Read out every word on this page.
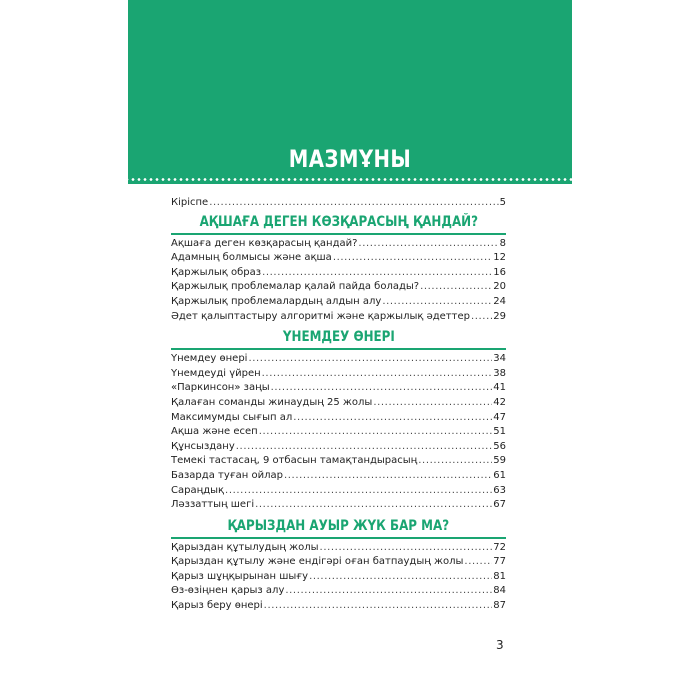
МАЗМҰНЫ
Кіріспе .....	5
АҚШАҒА ДЕГЕН КӨЗҚАРАСЫҢ ҚАНДАЙ?
Ақшаға деген көзқарасың қандай? .....	8
Адамның болмысы және ақша .....	12
Қаржылық образ .....	16
Қаржылық проблемалар қалай пайда болады? .....	20
Қаржылық проблемалардың алдын алу .....	24
Әдет қалыптастыру алгоритмі және қаржылық әдеттер ..... 29
ҮНЕМДЕУ ӨНЕРІ
Үнемдеу өнері .....	34
Үнемдеуді үйрен .....	38
«Паркинсон» заңы .....	41
Қалаған соманды жинаудың 25 жолы .....	42
Максимумды сығып ал .....	47
Ақша және есеп .....	51
Құнсыздану .....	56
Темекі тастасаң, 9 отбасын тамақтандырасың .....	59
Базарда туған ойлар .....	61
Сараңдық .....	63
Ләззаттың шегі .....	67
ҚАРЫЗДАН АУЫР ЖҮК БАР МА?
Қарыздан құтылудың жолы .....	72
Қарыздан құтылу және ендігәрі оған батпаудың жолы .....	77
Қарыз шұңқырынан шығу .....	81
Өз-өзіңнен қарыз алу .....	84
Қарыз беру өнері .....	87
3
